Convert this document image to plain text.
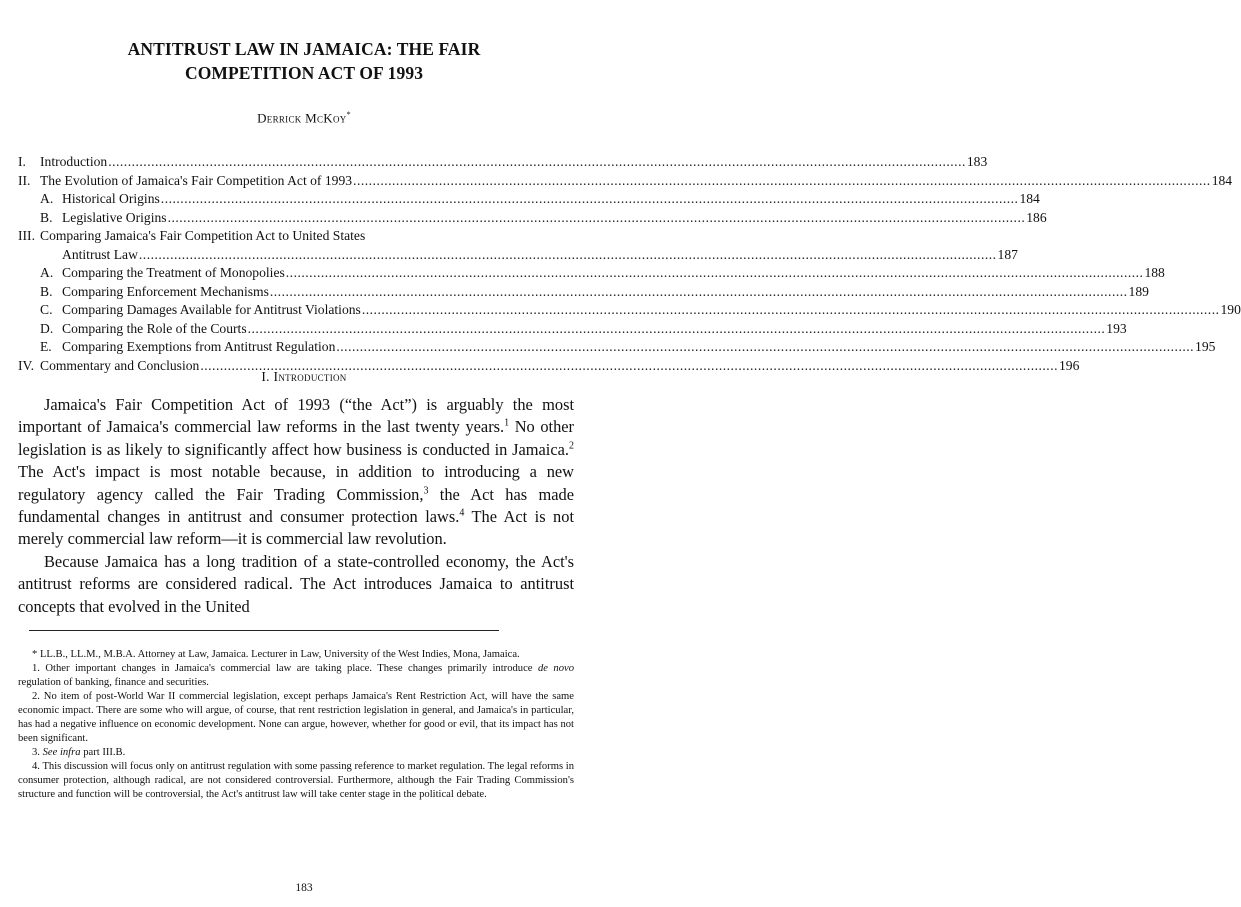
ANTITRUST LAW IN JAMAICA: THE FAIR
COMPETITION ACT OF 1993
Derrick McKoy*
I.	Introduction ............................................................................................................................................................................................................................ 183
II. The Evolution of Jamaica's Fair Competition Act of 1993 ............................................................................................................................................................................................................................ 184
A. Historical Origins ............................................................................................................................................................................................................................ 184
B. Legislative Origins ............................................................................................................................................................................................................................ 186
III. Comparing Jamaica's Fair Competition Act to United States
Antitrust Law ............................................................................................................................................................................................................................ 187
A. Comparing the Treatment of Monopolies ............................................................................................................................................................................................................................ 188
B. Comparing Enforcement Mechanisms ............................................................................................................................................................................................................................ 189
C. Comparing Damages Available for Antitrust Violations ............................................................................................................................................................................................................................ 190
D. Comparing the Role of the Courts ............................................................................................................................................................................................................................ 193
E. Comparing Exemptions from Antitrust Regulation ............................................................................................................................................................................................................................ 195
IV. Commentary and Conclusion ............................................................................................................................................................................................................................ 196
I. Introduction

Jamaica's Fair Competition Act of 1993 (“the Act”) is arguably the most important of Jamaica's commercial law reforms in the last twenty years.$^1$ No other legislation is as likely to significantly affect how business is conducted in Jamaica.$^2$ The Act's impact is most notable because, in addition to introducing a new regulatory agency called the Fair Trading Commission,$^3$ the Act has made fundamental changes in antitrust and consumer protection laws.$^4$ The Act is not merely commercial law reform—it is commercial law revolution.

Because Jamaica has a long tradition of a state-controlled economy, the Act's antitrust reforms are considered radical. The Act introduces Jamaica to antitrust concepts that evolved in the United

* LL.B., LL.M., M.B.A. Attorney at Law, Jamaica. Lecturer in Law, University of the West Indies, Mona, Jamaica.

1. Other important changes in Jamaica's commercial law are taking place. These changes primarily introduce de novo regulation of banking, finance and securities.

2. No item of post-World War II commercial legislation, except perhaps Jamaica's Rent Restriction Act, will have the same economic impact. There are some who will argue, of course, that rent restriction legislation in general, and Jamaica's in particular, has had a negative influence on economic development. None can argue, however, whether for good or evil, that its impact has not been significant.

3. See infra part III.B.

4. This discussion will focus only on antitrust regulation with some passing reference to market regulation. The legal reforms in consumer protection, although radical, are not considered controversial. Furthermore, although the Fair Trading Commission's structure and function will be controversial, the Act's antitrust law will take center stage in the political debate.

183
